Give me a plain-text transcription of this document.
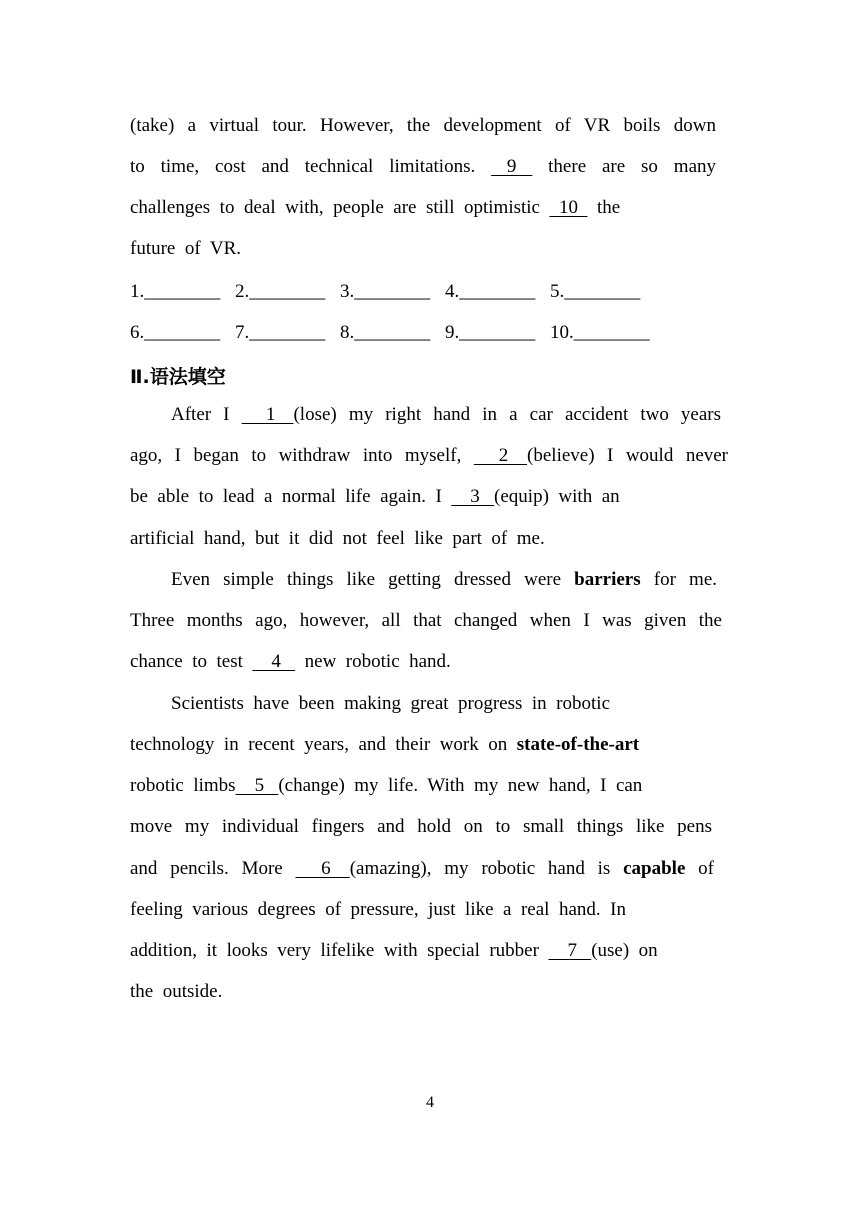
(take)  a  virtual  tour.  However,  the  development  of  VR  boils  down
to  time,  cost  and  technical  limitations.    9    there  are  so  many
challenges  to  deal  with,  people  are  still  optimistic    10    the
future  of  VR.
1.________ 2.________ 3.________ 4.________ 5.________
6.________ 7.________ 8.________ 9.________ 10.________
Ⅱ.语法填空
After  I      1   (lose)  my  right  hand  in  a  car  accident  two  years
ago,  I  began  to  withdraw  into  myself,      2   (believe)  I  would  never
be  able  to  lead  a  normal  life  again.  I      3   (equip)  with  an
artificial  hand,  but  it  did  not  feel  like  part  of  me.
Even  simple  things  like  getting  dressed  were  barriers  for  me.
Three  months  ago,  however,  all  that  changed  when  I  was  given  the
chance  to  test      4     new  robotic  hand.
Scientists  have  been  making  great  progress  in  robotic
technology  in  recent  years,  and  their  work  on  state-of-the-art
robotic  limbs    5   (change)  my  life.  With  my  new  hand,  I  can
move  my  individual  fingers  and  hold  on  to  small  things  like  pens
and  pencils.  More      6   (amazing),  my  robotic  hand  is  capable  of
feeling  various  degrees  of  pressure,  just  like  a  real  hand.  In
addition,  it  looks  very  lifelike  with  special  rubber      7   (use)  on
the  outside.
4
